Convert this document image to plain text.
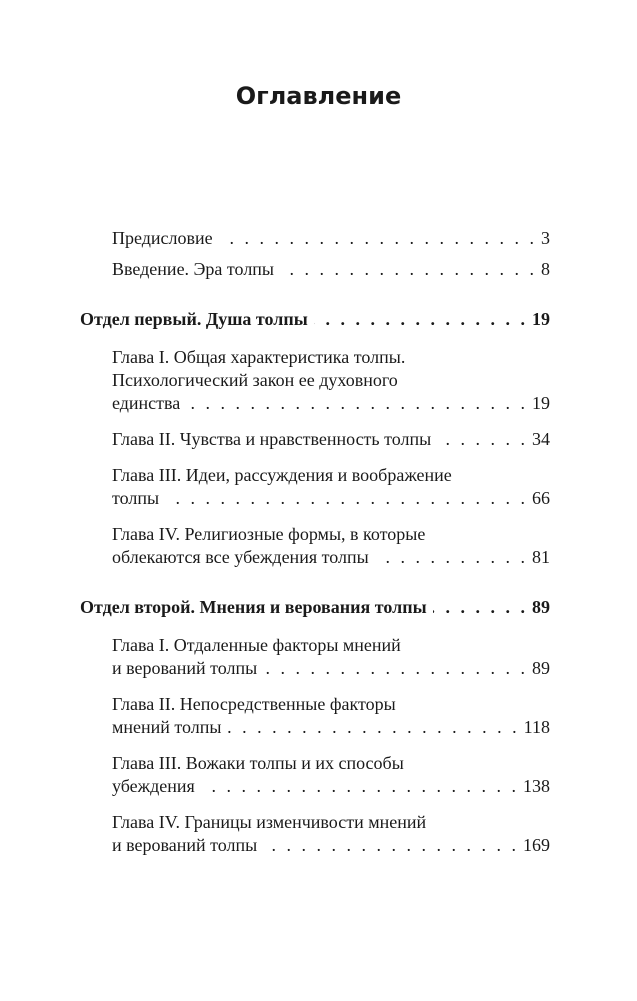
Оглавление
Предисловие . . .	3
Введение. Эра толпы . . .	8
Отдел первый. Душа толпы . . .	19
Глава I. Общая характеристика толпы.
Психологический закон ее духовного
единства . . .	19
Глава II. Чувства и нравственность толпы . . .	34
Глава III. Идеи, рассуждения и воображение
толпы . . .	66
Глава IV. Религиозные формы, в которые
облекаются все убеждения толпы . . .	81
Отдел второй. Мнения и верования толпы . . .	89
Глава I. Отдаленные факторы мнений
и верований толпы . . .	89
Глава II. Непосредственные факторы
мнений толпы . . .	118
Глава III. Вожаки толпы и их способы
убеждения . . .	138
Глава IV. Границы изменчивости мнений
и верований толпы . . .	169
